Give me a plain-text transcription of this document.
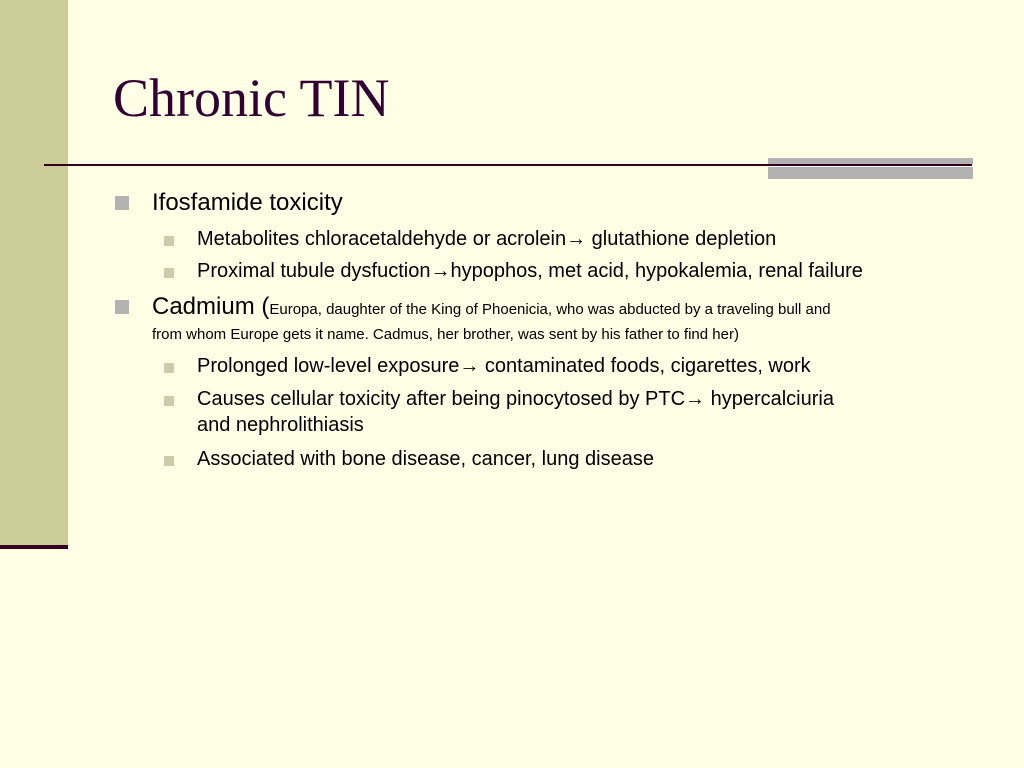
Chronic TIN
Ifosfamide toxicity
Metabolites chloracetaldehyde or acrolein→ glutathione depletion
Proximal tubule dysfuction→hypophos, met acid, hypokalemia, renal failure
Cadmium (Europa, daughter of the King of Phoenicia, who was abducted by a traveling bull and
from whom Europe gets it name. Cadmus, her brother, was sent by his father to find her)
Prolonged low-level exposure→ contaminated foods, cigarettes, work
Causes cellular toxicity after being pinocytosed by PTC→ hypercalciuria
and nephrolithiasis
Associated with bone disease, cancer, lung disease
